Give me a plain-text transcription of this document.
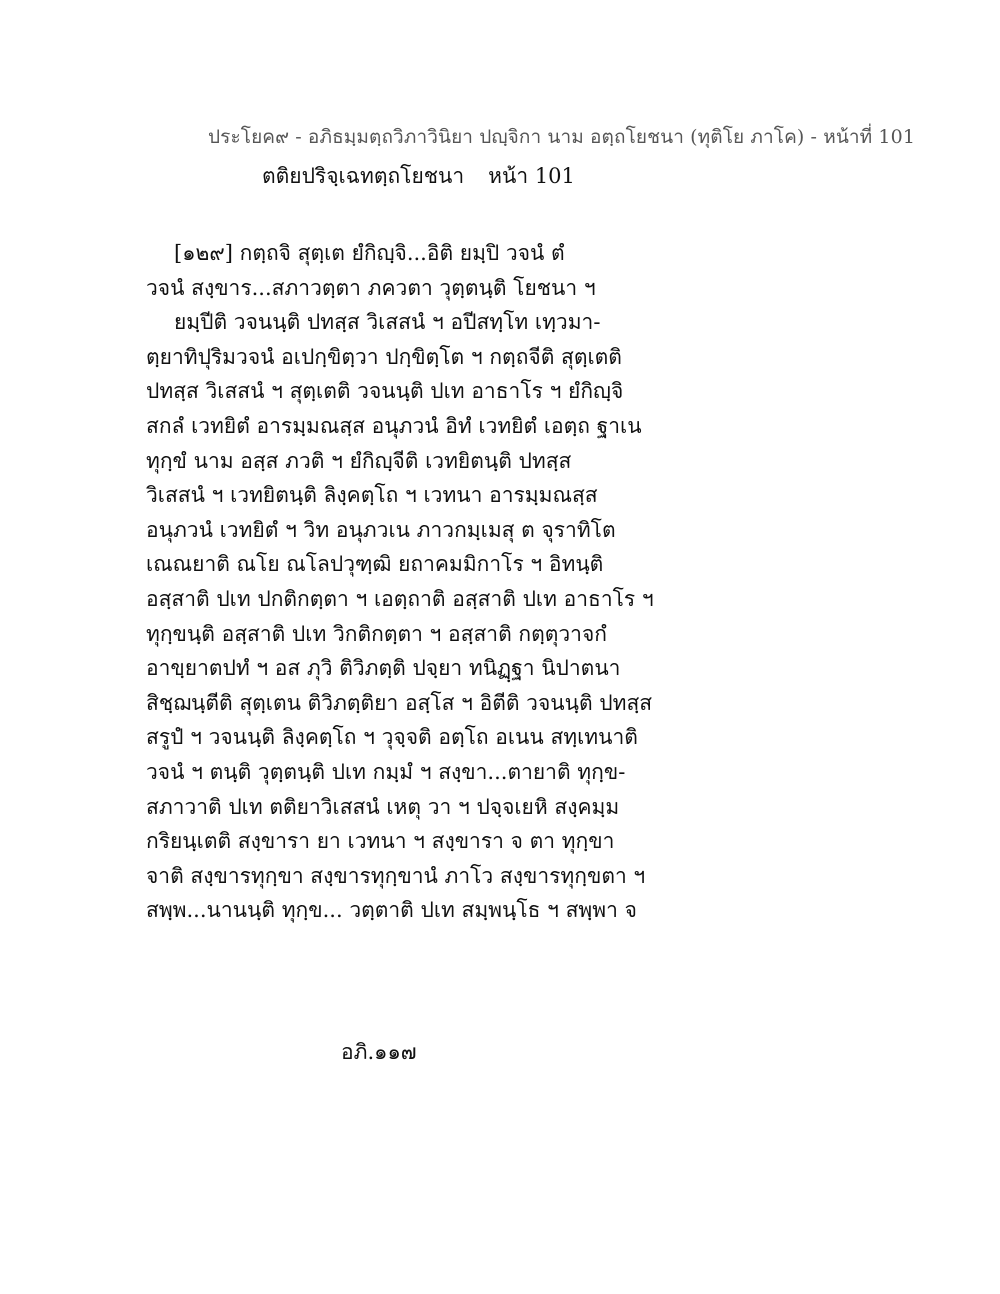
ประโยค๙ - อภิธมฺมตฺถวิภาวินิยา ปญฺจิกา นาม อตฺถโยชนา (ทุติโย ภาโค) - หน้าที่ 101
ตติยปริจฺเฉทตฺถโยชนา หน้า 101
[๑๒๙] กตฺถจิ สุตฺเต ยํกิญฺจิ...อิติ ยมฺปิ วจนํ ตํ
วจนํ สงฺขาร...สภาวตฺตา ภควตา วุตฺตนฺติ โยชนา ฯ
ยมฺปีติ วจนนฺติ ปทสฺส วิเสสนํ ฯ อปีสทฺโท เทฺวมา-
ตฺยาทิปุริมวจนํ อเปกฺขิตฺวา ปกฺขิตฺโต ฯ กตฺถจีติ สุตฺเตติ
ปทสฺส วิเสสนํ ฯ สุตฺเตติ วจนนฺติ ปเท อาธาโร ฯ ยํกิญฺจิ
สกลํ เวทยิตํ อารมฺมณสฺส อนุภวนํ อิทํ เวทยิตํ เอตฺถ ฐาเน
ทุกฺขํ นาม อสฺส ภวติ ฯ ยํกิญฺจีติ เวทยิตนฺติ ปทสฺส
วิเสสนํ ฯ เวทยิตนฺติ ลิงฺคตฺโถ ฯ เวทนา อารมฺมณสฺส
อนุภวนํ เวทยิตํ ฯ วิท อนุภวเน ภาวกมฺเมสุ ต จุราทิโต
เณณยาติ ณโย ณโลปวุฑฺฒิ ยถาคมมิกาโร ฯ อิทนฺติ
อสฺสาติ ปเท ปกติกตฺตา ฯ เอตฺถาติ อสฺสาติ ปเท อาธาโร ฯ
ทุกฺขนฺติ อสฺสาติ ปเท วิกติกตฺตา ฯ อสฺสาติ กตฺตุวาจกํ
อาขฺยาตปทํ ฯ อส ภุวิ ติวิภตฺติ ปจฺยา ทนิฏฺฐา นิปาตนา
สิชฺฌนฺตีติ สุตฺเตน ติวิภตฺติยา อสฺโส ฯ อิตีติ วจนนฺติ ปทสฺส
สรูปํ ฯ วจนนฺติ ลิงฺคตฺโถ ฯ วุจฺจติ อตฺโถ อเนน สทฺเทนาติ
วจนํ ฯ ตนฺติ วุตฺตนฺติ ปเท กมฺมํ ฯ สงฺขา...ตายาติ ทุกฺข-
สภาวาติ ปเท ตติยาวิเสสนํ เหตุ วา ฯ ปจฺจเยหิ สงฺคมฺม
กริยนฺเตติ สงฺขารา ยา เวทนา ฯ สงฺขารา จ ตา ทุกฺขา
จาติ สงฺขารทุกฺขา สงฺขารทุกฺขานํ ภาโว สงฺขารทุกฺขตา ฯ
สพฺพ...นานนฺติ ทุกฺข... วตฺตาติ ปเท สมฺพนฺโธ ฯ สพฺพา จ
อภิ.๑๑๗
